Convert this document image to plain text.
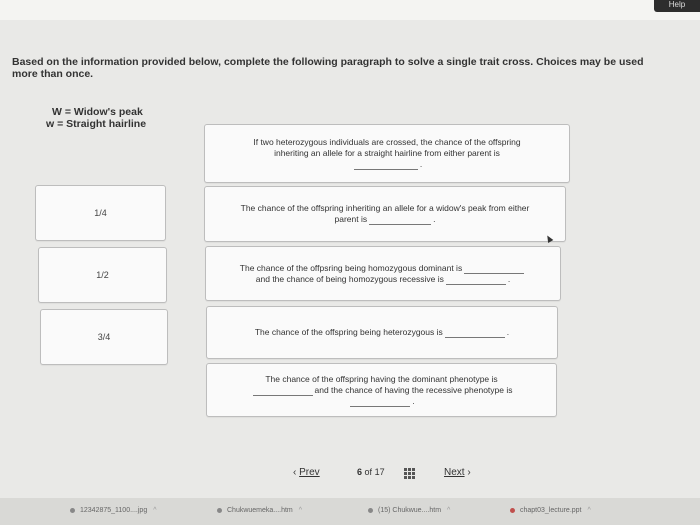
Help
Based on the information provided below, complete the following paragraph to solve a single trait cross. Choices may be used more than once.
W = Widow's peak
w = Straight hairline
1/4
1/2
3/4
If two heterozygous individuals are crossed, the chance of the offspring
inheriting an allele for a straight hairline from either parent is
.
The chance of the offspring inheriting an allele for a widow's peak from either
parent is	.
The chance of the offpsring being homozygous dominant is
and the chance of being homozygous recessive is	.
The chance of the offspring being heterozygous is	.
The chance of the offspring having the dominant phenotype is
and the chance of having the recessive phenotype is
.
‹ Prev	6 of 17	Next ›
12342875_1100....jpg ^	Chukwuemeka....htm ^	(15) Chukwue....htm ^	chapt03_lecture.ppt ^
